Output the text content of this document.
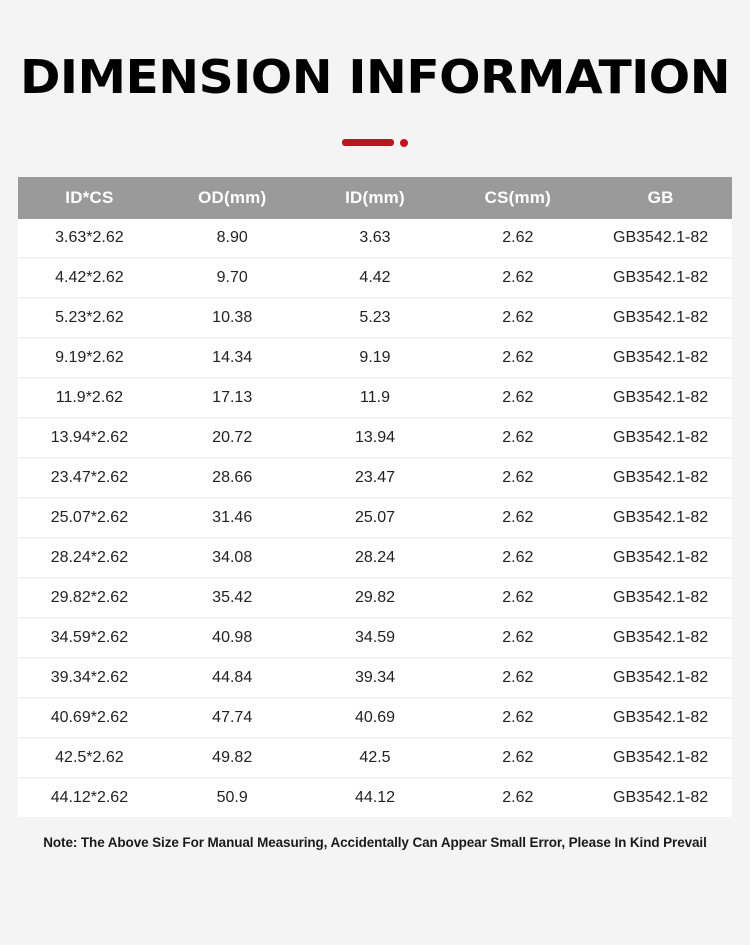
DIMENSION INFORMATION
ID*CS	OD(mm)	ID(mm)	CS(mm)	GB
3.63*2.62	8.90	3.63	2.62	GB3542.1-82
4.42*2.62	9.70	4.42	2.62	GB3542.1-82
5.23*2.62	10.38	5.23	2.62	GB3542.1-82
9.19*2.62	14.34	9.19	2.62	GB3542.1-82
11.9*2.62	17.13	11.9	2.62	GB3542.1-82
13.94*2.62	20.72	13.94	2.62	GB3542.1-82
23.47*2.62	28.66	23.47	2.62	GB3542.1-82
25.07*2.62	31.46	25.07	2.62	GB3542.1-82
28.24*2.62	34.08	28.24	2.62	GB3542.1-82
29.82*2.62	35.42	29.82	2.62	GB3542.1-82
34.59*2.62	40.98	34.59	2.62	GB3542.1-82
39.34*2.62	44.84	39.34	2.62	GB3542.1-82
40.69*2.62	47.74	40.69	2.62	GB3542.1-82
42.5*2.62	49.82	42.5	2.62	GB3542.1-82
44.12*2.62	50.9	44.12	2.62	GB3542.1-82
Note: The Above Size For Manual Measuring, Accidentally Can Appear Small Error, Please In Kind Prevail
